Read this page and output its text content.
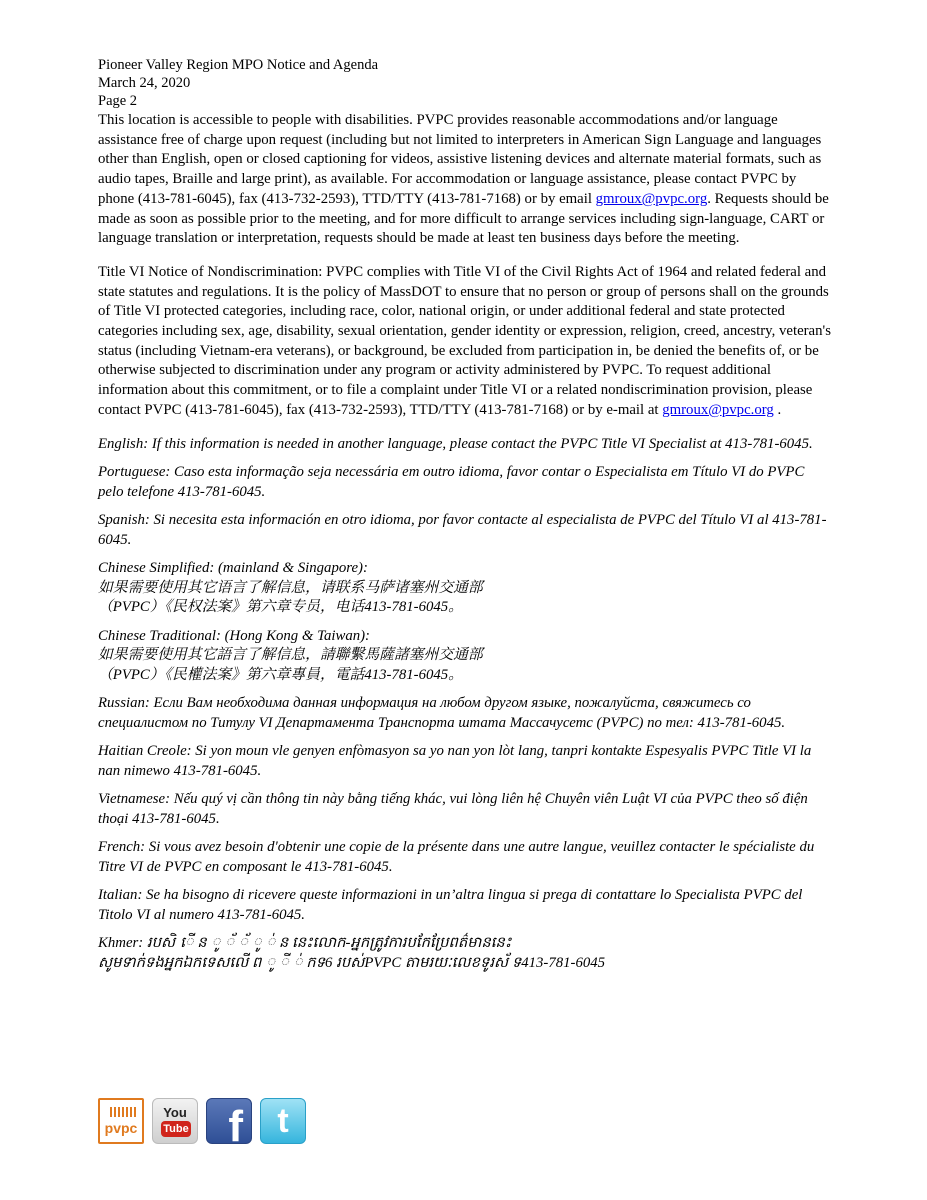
Pioneer Valley Region MPO Notice and Agenda
March 24, 2020
Page 2

This location is accessible to people with disabilities. PVPC provides reasonable accommodations and/or language assistance free of charge upon request (including but not limited to interpreters in American Sign Language and languages other than English, open or closed captioning for videos, assistive listening devices and alternate material formats, such as audio tapes, Braille and large print), as available. For accommodation or language assistance, please contact PVPC by phone (413-781-6045), fax (413-732-2593), TTD/TTY (413-781-7168) or by email gmroux@pvpc.org. Requests should be made as soon as possible prior to the meeting, and for more difficult to arrange services including sign-language, CART or language translation or interpretation, requests should be made at least ten business days before the meeting.

Title VI Notice of Nondiscrimination: PVPC complies with Title VI of the Civil Rights Act of 1964 and related federal and state statutes and regulations. It is the policy of MassDOT to ensure that no person or group of persons shall on the grounds of Title VI protected categories, including race, color, national origin, or under additional federal and state protected categories including sex, age, disability, sexual orientation, gender identity or expression, religion, creed, ancestry, veteran's status (including Vietnam-era veterans), or background, be excluded from participation in, be denied the benefits of, or be otherwise subjected to discrimination under any program or activity administered by PVPC. To request additional information about this commitment, or to file a complaint under Title VI or a related nondiscrimination provision, please contact PVPC (413-781-6045), fax (413-732-2593), TTD/TTY (413-781-7168) or by e-mail at gmroux@pvpc.org .

English: If this information is needed in another language, please contact the PVPC Title VI Specialist at 413-781-6045.

Portuguese: Caso esta informação seja necessária em outro idioma, favor contar o Especialista em Título VI do PVPC pelo telefone 413-781-6045.

Spanish: Si necesita esta información en otro idioma, por favor contacte al especialista de PVPC del Título VI al 413-781-6045.

Chinese Simplified: (mainland & Singapore):
如果需要使用其它语言了解信息，请联系马萨诸塞州交通部
（PVPC）《民权法案》第六章专员，电话413-781-6045。

Chinese Traditional: (Hong Kong & Taiwan):
如果需要使用其它語言了解信息，請聯繫馬薩諸塞州交通部
（PVPC）《民權法案》第六章專員，電話413-781-6045。

Russian: Если Вам необходима данная информация на любом другом языке, пожалуйста, свяжитесь со специалистом по Титулу VI Департамента Транспорта штата Массачусетс (PVPC) по тел: 413-781-6045.

Haitian Creole: Si yon moun vle genyen enfòmasyon sa yo nan yon lòt lang, tanpri kontakte Espesyalis PVPC Title VI la nan nimewo 413-781-6045.

Vietnamese: Nếu quý vị cần thông tin này bằng tiếng khác, vui lòng liên hệ Chuyên viên Luật VI của PVPC theo số điện thoại 413-781-6045.

French: Si vous avez besoin d'obtenir une copie de la présente dans une autre langue, veuillez contacter le spécialiste du Titre VI de PVPC en composant le 413-781-6045.

Italian: Se ha bisogno di ricevere queste informazioni in un’altra lingua si prega di contattare lo Specialista PVPC del Titolo VI al numero 413-781-6045.

Khmer: របសិ ើ ន ូ ័ ័ ូ ់ ន នេះលោក-អ្នកត្រូវការបកែប្រែពត៌មាននេះ
សូមទាក់ទងអ្នកឯកទេសលើ ព ូ ី ់ កទ6 របស់PVPC តាមរយៈលេខទូរស័ ទ413-781-6045

pvpc
You
Tube f	t
